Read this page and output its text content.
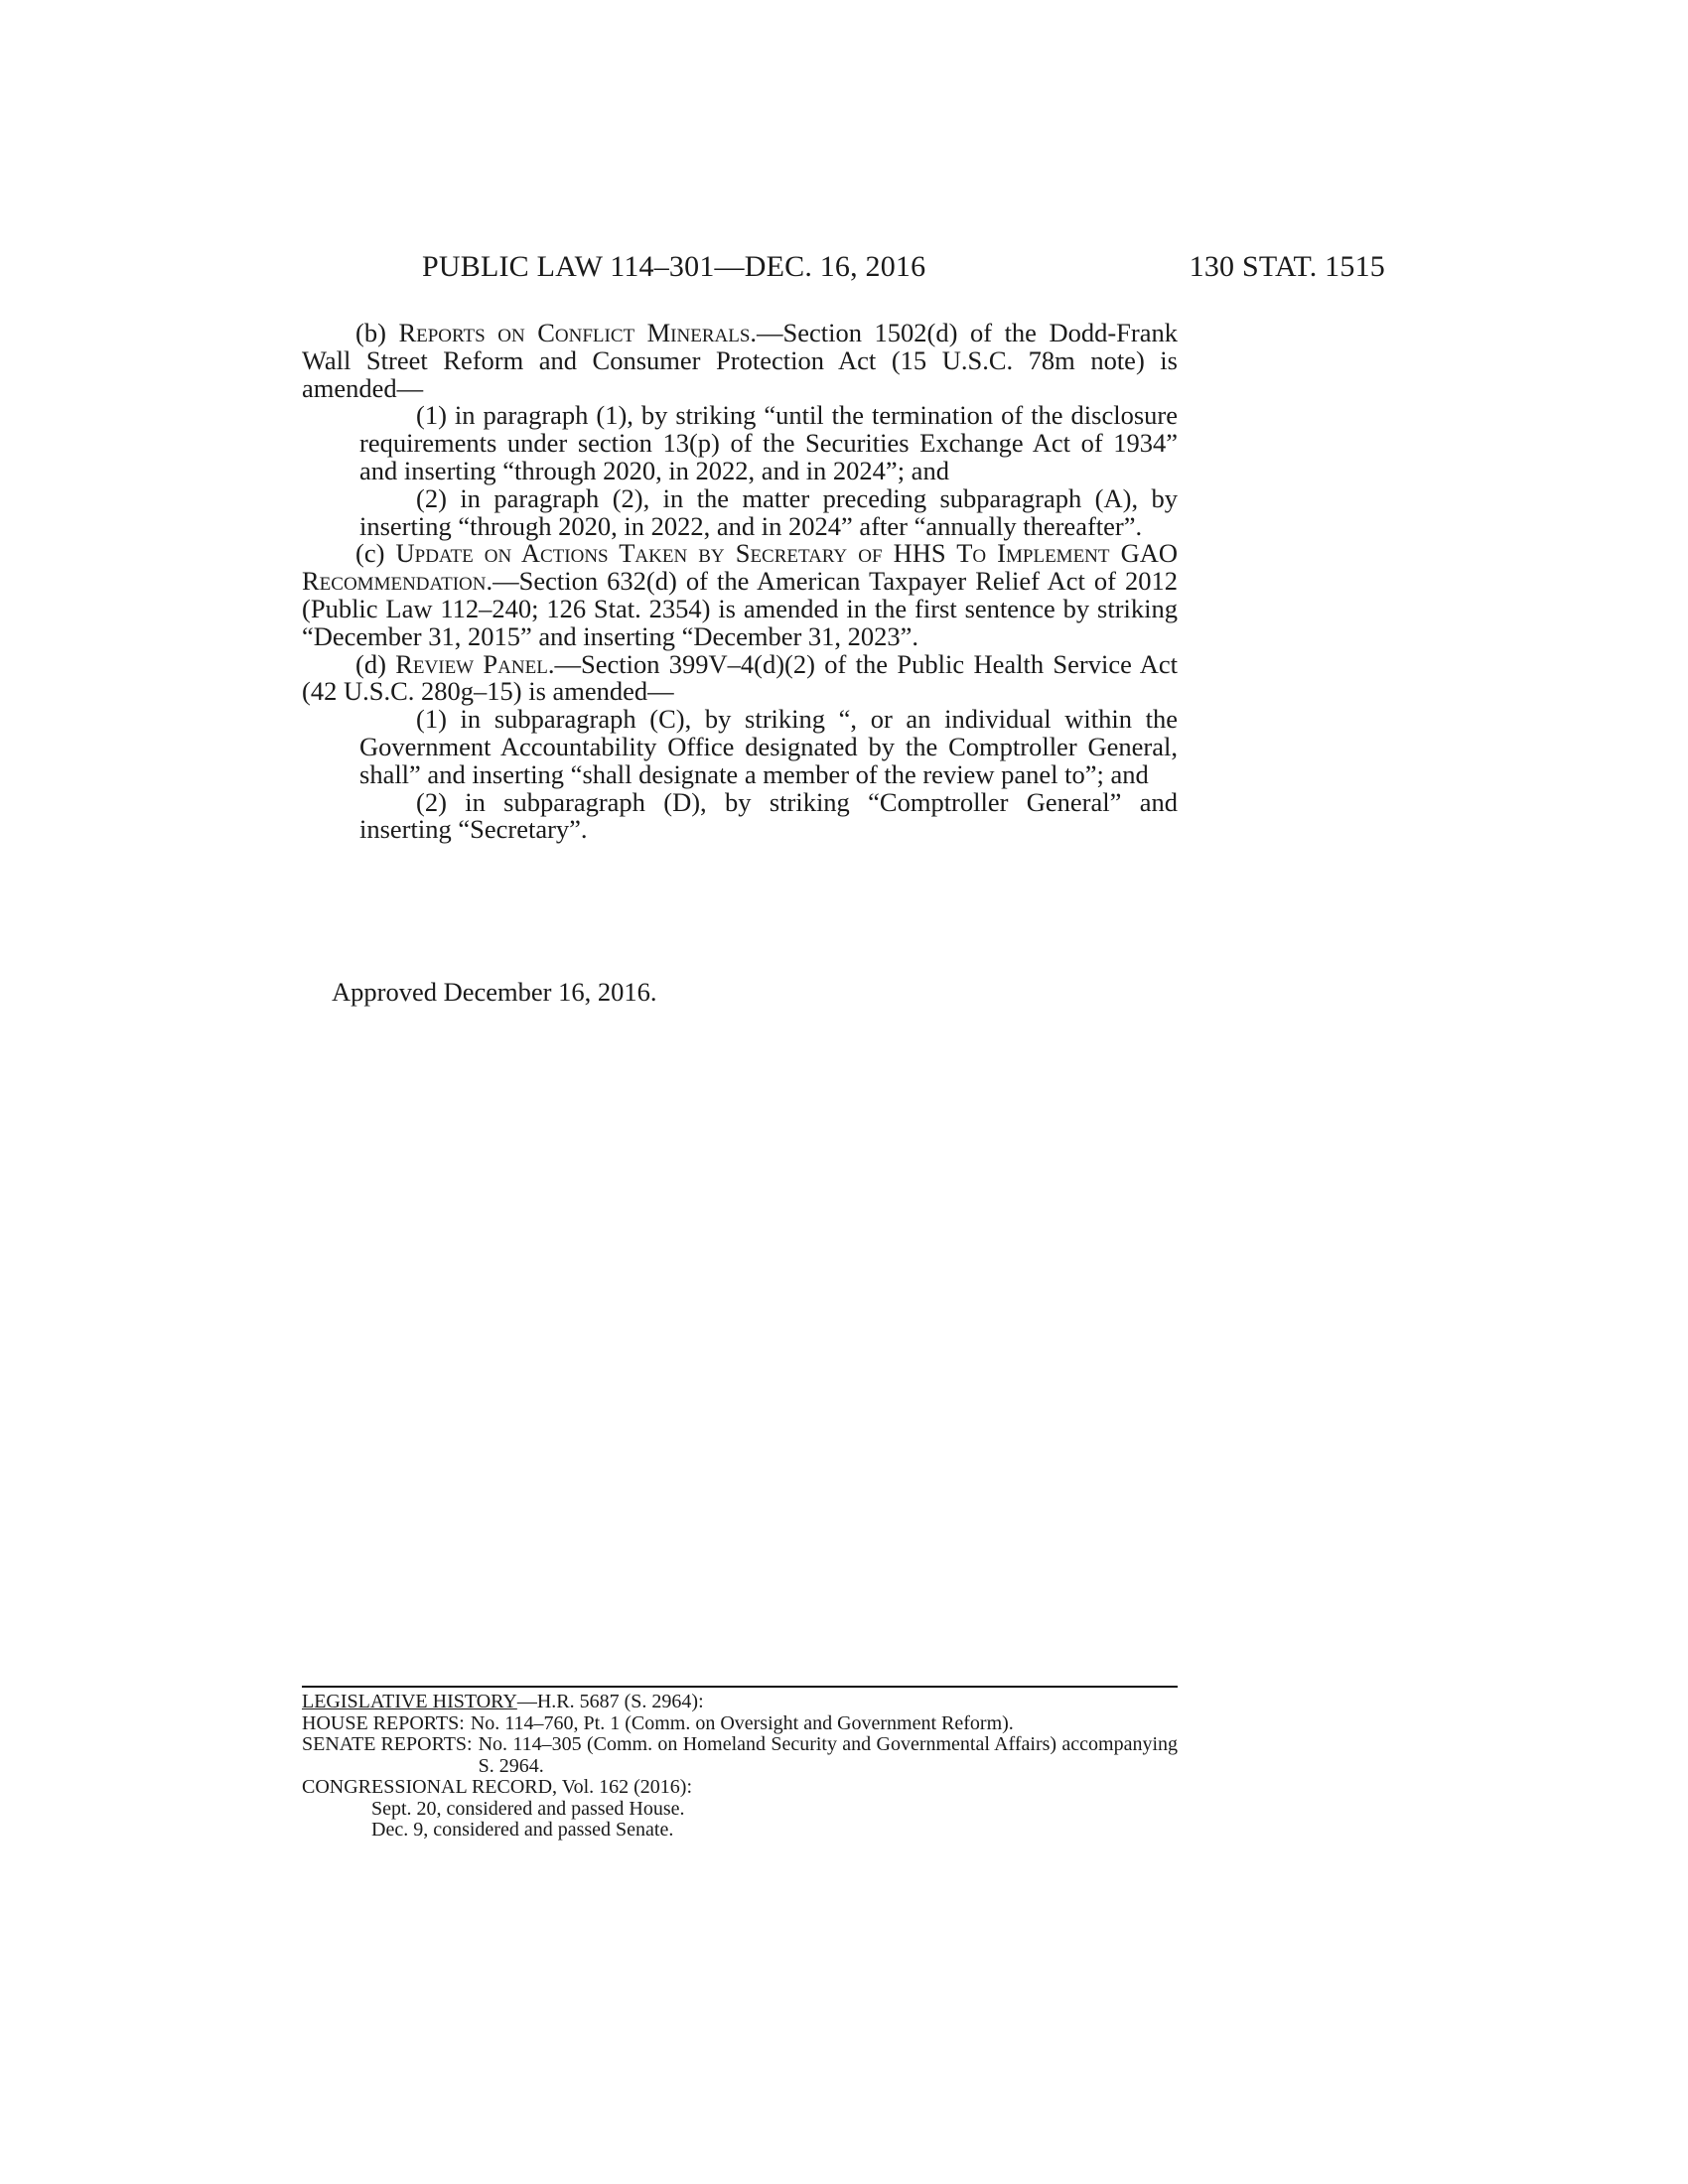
PUBLIC LAW 114–301—DEC. 16, 2016	130 STAT. 1515

(b) Reports on Conflict Minerals.—Section 1502(d) of the Dodd-Frank Wall Street Reform and Consumer Protection Act (15 U.S.C. 78m note) is amended—

(1) in paragraph (1), by striking “until the termination of the disclosure requirements under section 13(p) of the Securities Exchange Act of 1934” and inserting “through 2020, in 2022, and in 2024”; and

(2) in paragraph (2), in the matter preceding subparagraph (A), by inserting “through 2020, in 2022, and in 2024” after “annually thereafter”.

(c) Update on Actions Taken by Secretary of HHS To Implement GAO Recommendation.—Section 632(d) of the American Taxpayer Relief Act of 2012 (Public Law 112–240; 126 Stat. 2354) is amended in the first sentence by striking “December 31, 2015” and inserting “December 31, 2023”.

(d) Review Panel.—Section 399V–4(d)(2) of the Public Health Service Act (42 U.S.C. 280g–15) is amended—

(1) in subparagraph (C), by striking “, or an individual within the Government Accountability Office designated by the Comptroller General, shall” and inserting “shall designate a member of the review panel to”; and

(2) in subparagraph (D), by striking “Comptroller General” and inserting “Secretary”.

Approved December 16, 2016.
LEGISLATIVE HISTORY—H.R. 5687 (S. 2964):
HOUSE REPORTS: No. 114–760, Pt. 1 (Comm. on Oversight and Government Reform).
SENATE REPORTS: No. 114–305 (Comm. on Homeland Security and Governmental Affairs) accompanying S. 2964.
CONGRESSIONAL RECORD, Vol. 162 (2016):
Sept. 20, considered and passed House.
Dec. 9, considered and passed Senate.
